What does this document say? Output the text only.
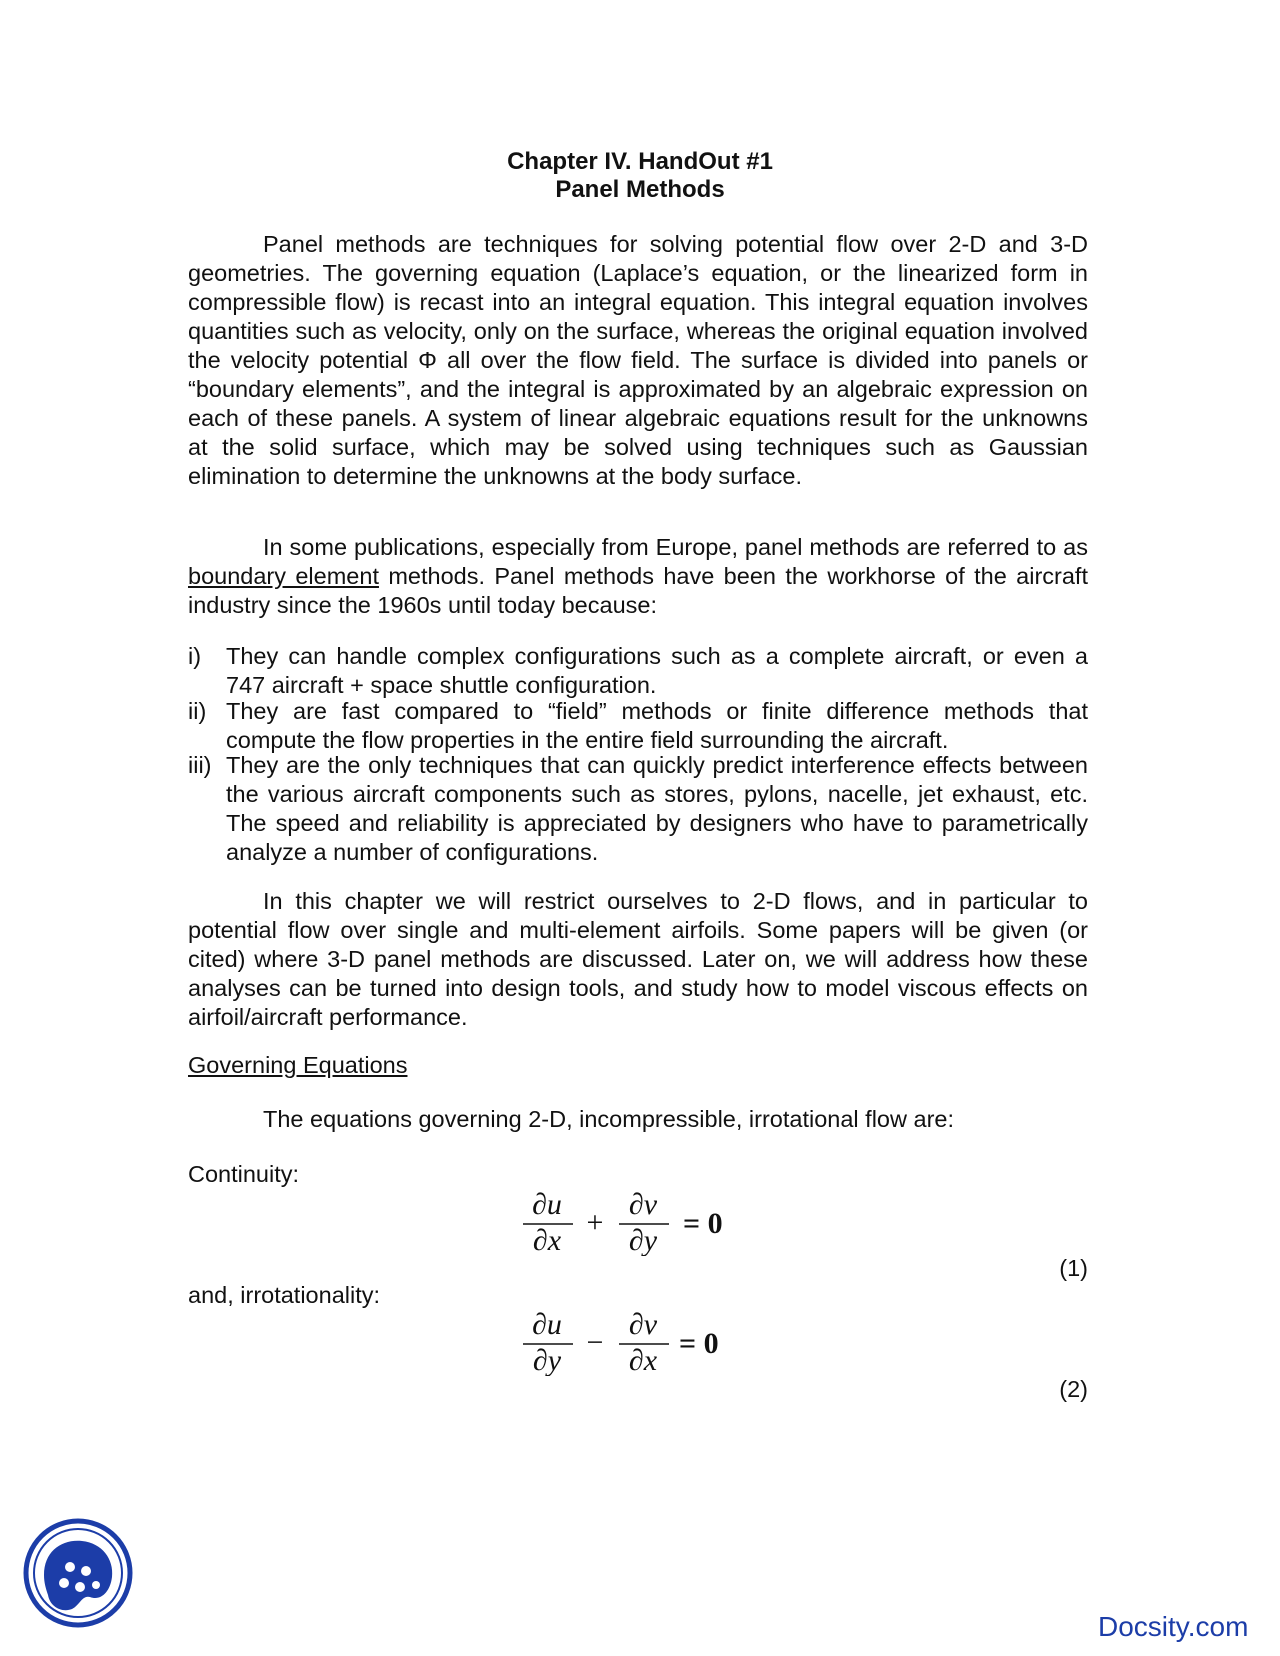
Chapter IV. HandOut #1
Panel Methods

Panel methods are techniques for solving potential flow over 2-D and 3-D geometries. The governing equation (Laplace’s equation, or the linearized form in compressible flow) is recast into an integral equation. This integral equation involves quantities such as velocity, only on the surface, whereas the original equation involved the velocity potential Φ all over the flow field. The surface is divided into panels or “boundary elements”, and the integral is approximated by an algebraic expression on each of these panels. A system of linear algebraic equations result for the unknowns at the solid surface, which may be solved using techniques such as Gaussian elimination to determine the unknowns at the body surface.

In some publications, especially from Europe, panel methods are referred to as boundary element methods. Panel methods have been the workhorse of the aircraft industry since the 1960s until today because:

i)	They can handle complex configurations such as a complete aircraft, or even a 747 aircraft + space shuttle configuration.

ii) They are fast compared to “field” methods or finite difference methods that compute the flow properties in the entire field surrounding the aircraft.

iii) They are the only techniques that can quickly predict interference effects between the various aircraft components such as stores, pylons, nacelle, jet exhaust, etc. The speed and reliability is appreciated by designers who have to parametrically analyze a number of configurations.

In this chapter we will restrict ourselves to 2-D flows, and in particular to potential flow over single and multi-element airfoils. Some papers will be given (or cited) where 3-D panel methods are discussed. Later on, we will address how these analyses can be turned into design tools, and study how to model viscous effects on airfoil/aircraft performance.

Governing Equations

The equations governing 2-D, incompressible, irrotational flow are:

Continuity:
∂u
∂x
+
∂v
∂y
= 0
(1)
and, irrotationality:
∂u
∂y
−
∂v
∂x
= 0
(2)
Docsity.com
